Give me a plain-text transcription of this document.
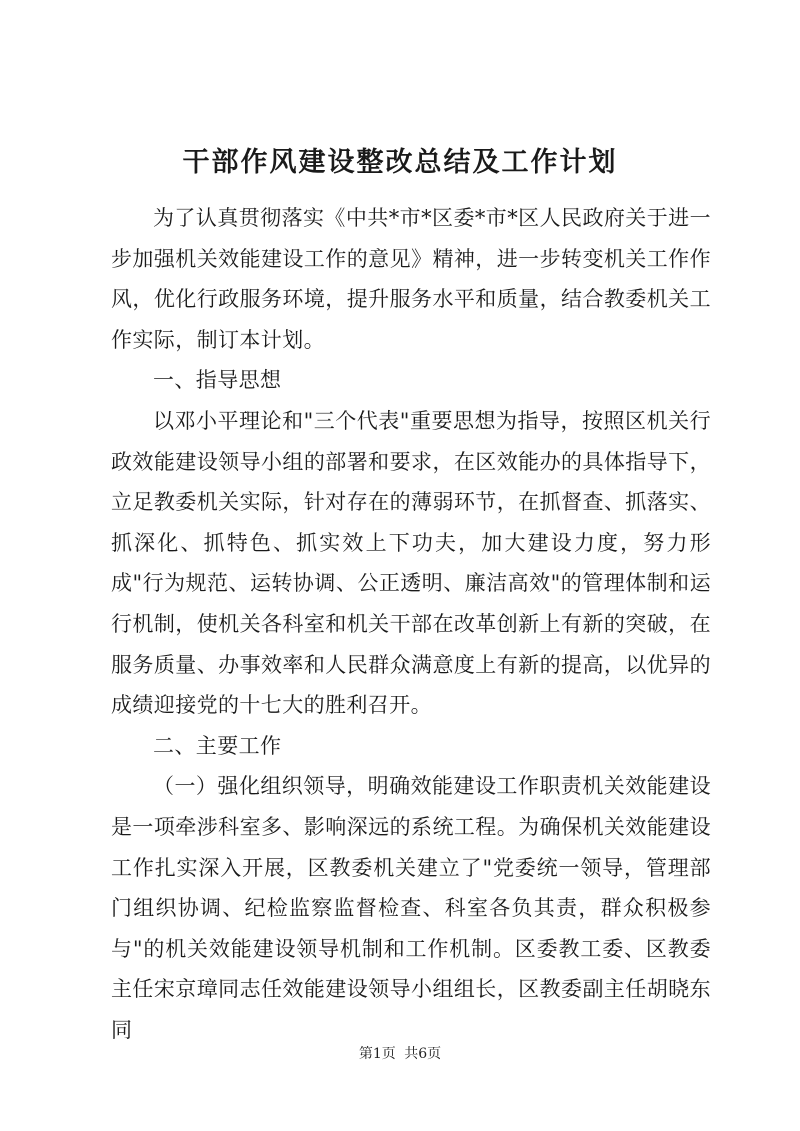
干部作风建设整改总结及工作计划

为了认真贯彻落实《中共*市*区委*市*区人民政府关于进一步加强机关效能建设工作的意见》精神，进一步转变机关工作作风，优化行政服务环境，提升服务水平和质量，结合教委机关工作实际，制订本计划。

一、指导思想

以邓小平理论和"三个代表"重要思想为指导，按照区机关行政效能建设领导小组的部署和要求，在区效能办的具体指导下，立足教委机关实际，针对存在的薄弱环节，在抓督查、抓落实、抓深化、抓特色、抓实效上下功夫，加大建设力度，努力形成"行为规范、运转协调、公正透明、廉洁高效"的管理体制和运行机制，使机关各科室和机关干部在改革创新上有新的突破，在服务质量、办事效率和人民群众满意度上有新的提高，以优异的成绩迎接党的十七大的胜利召开。

二、主要工作

（一）强化组织领导，明确效能建设工作职责机关效能建设是一项牵涉科室多、影响深远的系统工程。为确保机关效能建设工作扎实深入开展，区教委机关建立了"党委统一领导，管理部门组织协调、纪检监察监督检查、科室各负其责，群众积极参与"的机关效能建设领导机制和工作机制。区委教工委、区教委主任宋京璋同志任效能建设领导小组组长，区教委副主任胡晓东同

第1页 共6页
